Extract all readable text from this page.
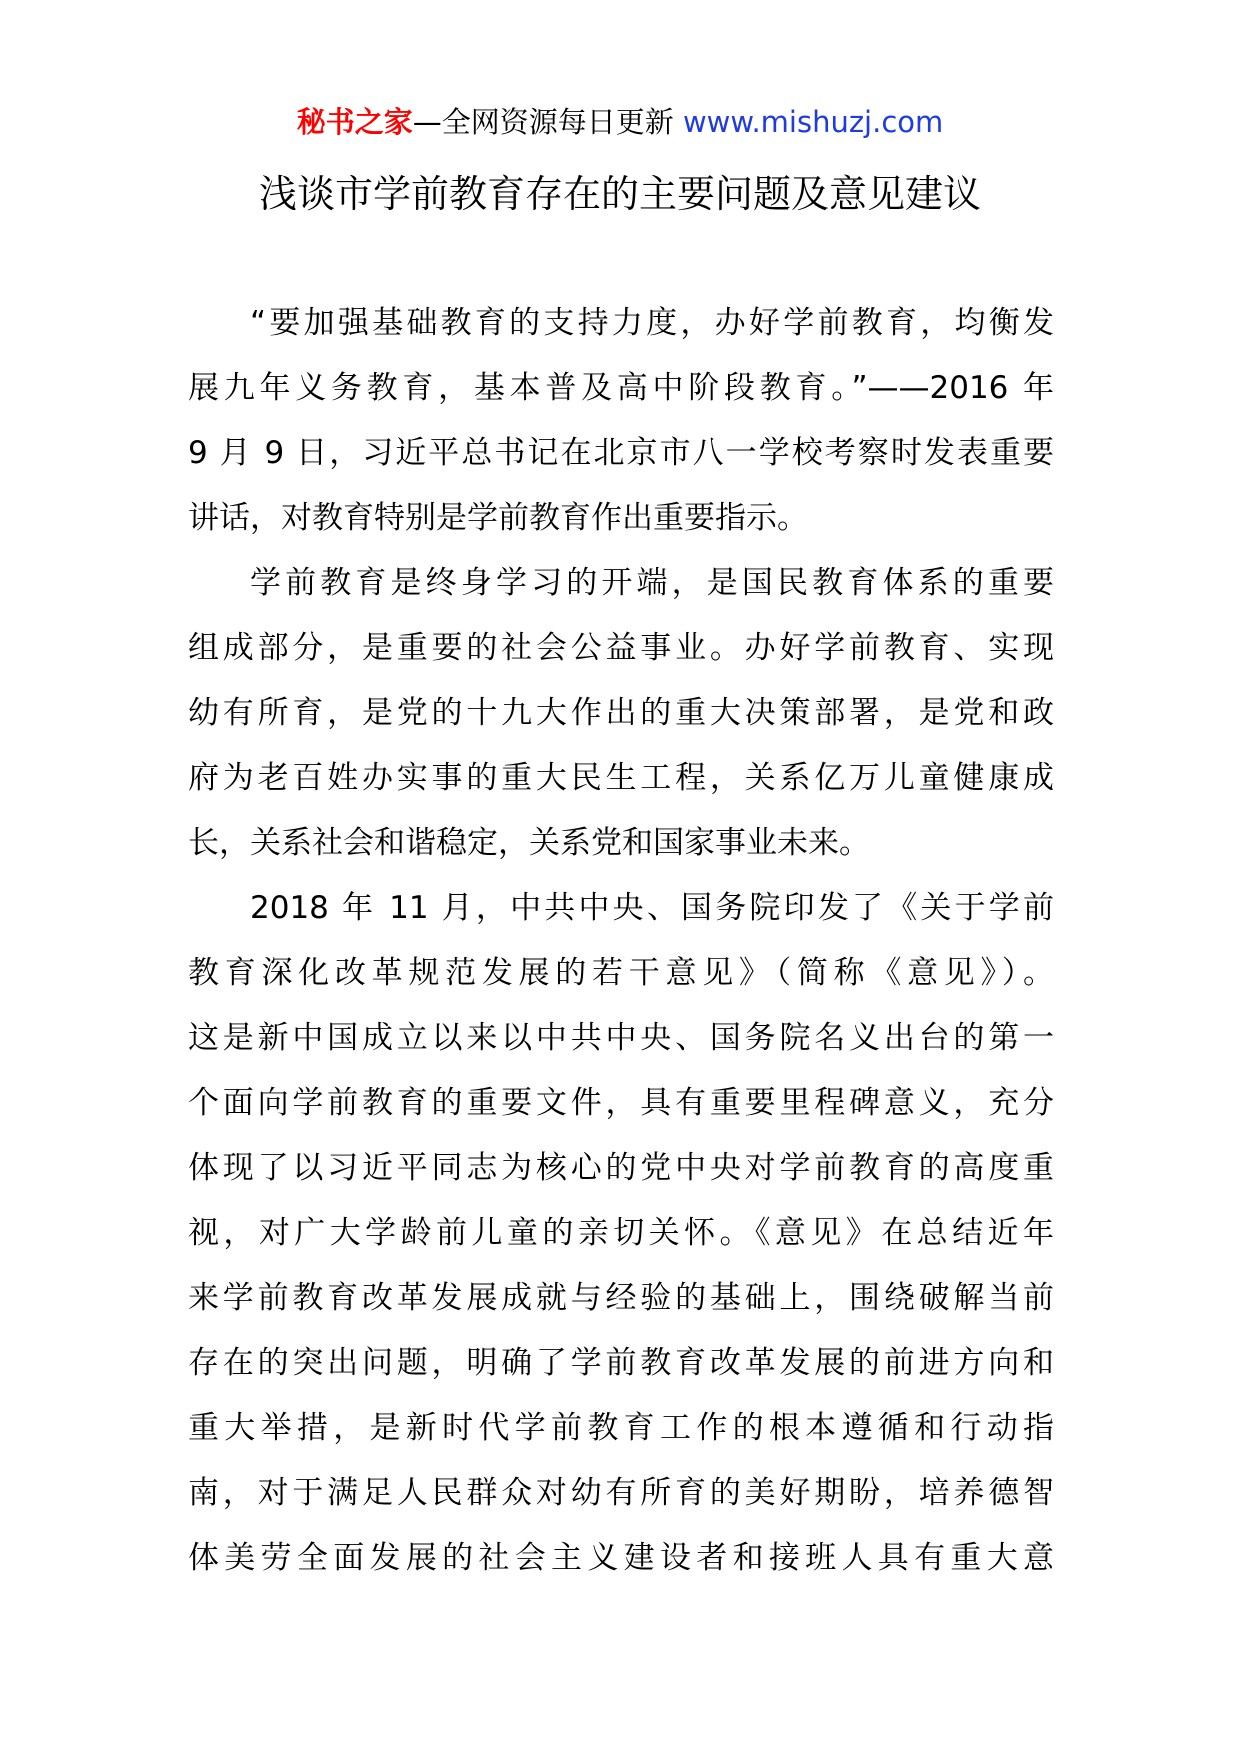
秘书之家—全网资源每日更新 www.mishuzj.com
浅谈市学前教育存在的主要问题及意见建议

“要加强基础教育的支持力度，办好学前教育，均衡发
展九年义务教育，基本普及高中阶段教育。”——2016 年
9 月 9 日，习近平总书记在北京市八一学校考察时发表重要
讲话，对教育特别是学前教育作出重要指示。

学前教育是终身学习的开端，是国民教育体系的重要
组成部分，是重要的社会公益事业。办好学前教育、实现
幼有所育，是党的十九大作出的重大决策部署，是党和政
府为老百姓办实事的重大民生工程，关系亿万儿童健康成
长，关系社会和谐稳定，关系党和国家事业未来。

2018 年 11 月，中共中央、国务院印发了《关于学前
教育深化改革规范发展的若干意见》（简称《意见》）。
这是新中国成立以来以中共中央、国务院名义出台的第一
个面向学前教育的重要文件，具有重要里程碑意义，充分
体现了以习近平同志为核心的党中央对学前教育的高度重
视，对广大学龄前儿童的亲切关怀。《意见》在总结近年
来学前教育改革发展成就与经验的基础上，围绕破解当前
存在的突出问题，明确了学前教育改革发展的前进方向和
重大举措，是新时代学前教育工作的根本遵循和行动指
南，对于满足人民群众对幼有所育的美好期盼，培养德智
体美劳全面发展的社会主义建设者和接班人具有重大意
